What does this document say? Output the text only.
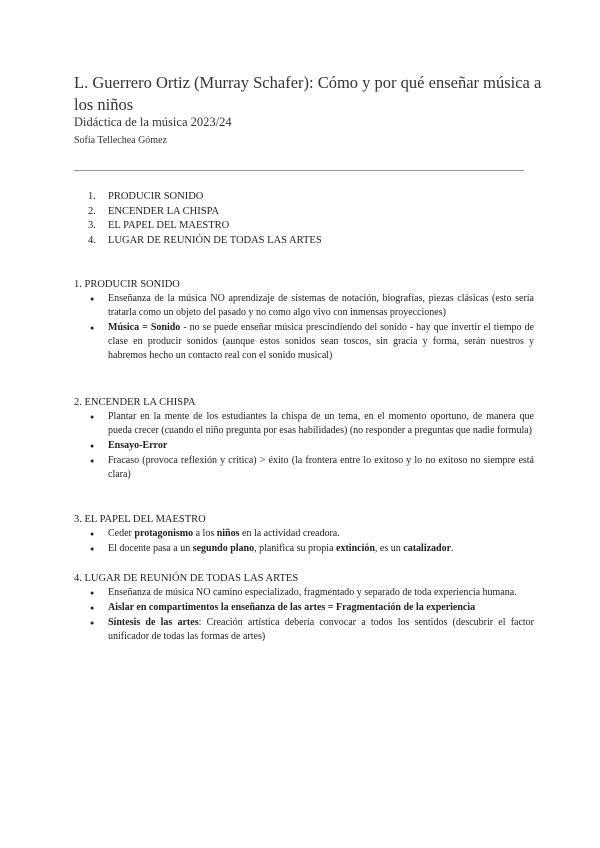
L. Guerrero Ortiz (Murray Schafer): Cómo y por qué enseñar música a los niños

Didáctica de la música 2023/24

Sofía Tellechea Gómez

1.	PRODUCIR SONIDO
2.	ENCENDER LA CHISPA
3.	EL PAPEL DEL MAESTRO
4.	LUGAR DE REUNIÓN DE TODAS LAS ARTES
1. PRODUCIR SONIDO
● Enseñanza de la música NO aprendizaje de sistemas de notación, biografías, piezas clásicas (esto sería tratarla como un objeto del pasado y no como algo vivo con inmensas proyecciones)
● Música = Sonido - no se puede enseñar música prescindiendo del sonido - hay que invertir el tiempo de clase en producir sonidos (aunque estos sonidos sean toscos, sin gracia y forma, serán nuestros y habremos hecho un contacto real con el sonido musical)
2. ENCENDER LA CHISPA
● Plantar en la mente de los estudiantes la chispa de un tema, en el momento oportuno, de manera que pueda crecer (cuando el niño pregunta por esas habilidades) (no responder a preguntas que nadie formula)
● Ensayo-Error
● Fracaso (provoca reflexión y crítica) > éxito (la frontera entre lo exitoso y lo no exitoso no siempre está clara)
3. EL PAPEL DEL MAESTRO
● Ceder protagonismo a los niños en la actividad creadora.
● El docente pasa a un segundo plano, planifica su propia extinción, es un catalizador.
4. LUGAR DE REUNIÓN DE TODAS LAS ARTES
● Enseñanza de música NO camino especializado, fragmentado y separado de toda experiencia humana.
● Aislar en compartimentos la enseñanza de las artes = Fragmentación de la experiencia
● Síntesis de las artes: Creación artística debería convocar a todos los sentidos (descubrir el factor unificador de todas las formas de artes)
